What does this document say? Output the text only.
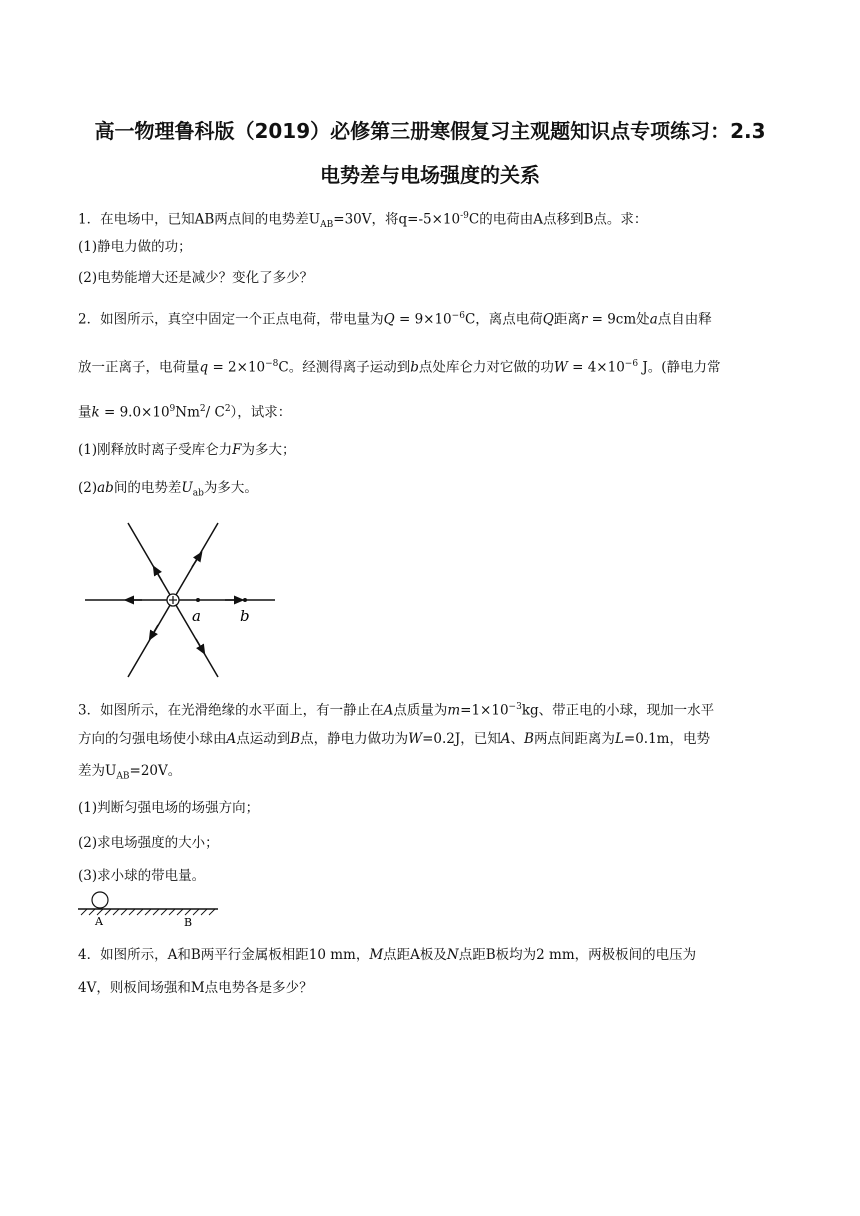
高一物理鲁科版（2019）必修第三册寒假复习主观题知识点专项练习：2.3
电势差与电场强度的关系
1．在电场中，已知AB两点间的电势差$U_{AB}=30V$，将$q=-5\times 10^{-9}C$的电荷由A点移到B点。求：
(1)静电力做的功；
(2)电势能增大还是减少？变化了多少？
2．如图所示，真空中固定一个正点电荷，带电量为$Q = 9\times 10^{-6}C$，离点电荷Q距离r = 9cm处a点自由释
放一正离子，电荷量$q = 2\times 10^{-8}C$。经测得离子运动到b点处库仑力对它做的功$W = 4\times 10^{-6}$ J。(静电力常
量$k = 9.0\times 10^9Nm^2/$ $C^2$），试求：
(1)刚释放时离子受库仑力F为多大；
(2)ab间的电势差$U_{ab}$为多大。
a	b
3．如图所示，在光滑绝缘的水平面上，有一静止在A点质量为$m=1\times 10^{-3}kg$、带正电的小球，现加一水平
方向的匀强电场使小球由A点运动到B点，静电力做功为W=0.2J，已知A、B两点间距离为L=0.1m，电势
差为$U_{AB}=20V$。
(1)判断匀强电场的场强方向；
(2)求电场强度的大小；
(3)求小球的带电量。
A	B
4．如图所示，A和B两平行金属板相距10 mm，M点距A板及N点距B板均为2 mm，两极板间的电压为
4V，则板间场强和M点电势各是多少？
